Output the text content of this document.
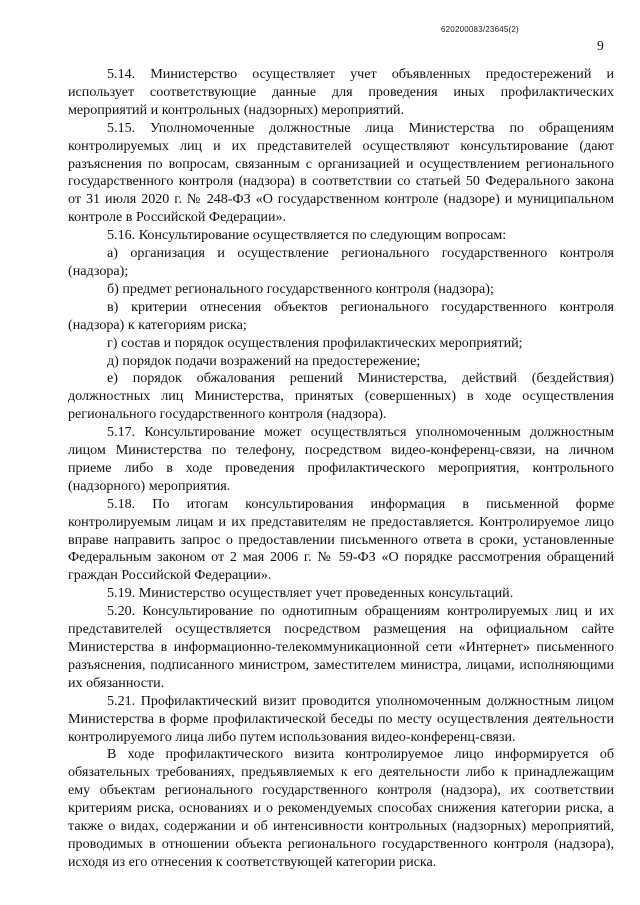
620200083/23645(2)
9

5.14. Министерство осуществляет учет объявленных предостережений и использует соответствующие данные для проведения иных профилактических мероприятий и контрольных (надзорных) мероприятий.

5.15. Уполномоченные должностные лица Министерства по обращениям контролируемых лиц и их представителей осуществляют консультирование (дают разъяснения по вопросам, связанным с организацией и осуществлением регионального государственного контроля (надзора) в соответствии со статьей 50 Федерального закона от 31 июля 2020 г. № 248-ФЗ «О государственном контроле (надзоре) и муниципальном контроле в Российской Федерации».

5.16. Консультирование осуществляется по следующим вопросам:

а) организация и осуществление регионального государственного контроля (надзора);

б) предмет регионального государственного контроля (надзора);

в) критерии отнесения объектов регионального государственного контроля (надзора) к категориям риска;

г) состав и порядок осуществления профилактических мероприятий;

д) порядок подачи возражений на предостережение;

е) порядок обжалования решений Министерства, действий (бездействия) должностных лиц Министерства, принятых (совершенных) в ходе осуществления регионального государственного контроля (надзора).

5.17. Консультирование может осуществляться уполномоченным должностным лицом Министерства по телефону, посредством видео-конференц-связи, на личном приеме либо в ходе проведения профилактического мероприятия, контрольного (надзорного) мероприятия.

5.18. По итогам консультирования информация в письменной форме контролируемым лицам и их представителям не предоставляется. Контролируемое лицо вправе направить запрос о предоставлении письменного ответа в сроки, установленные Федеральным законом от 2 мая 2006 г. № 59-ФЗ «О порядке рассмотрения обращений граждан Российской Федерации».

5.19. Министерство осуществляет учет проведенных консультаций.

5.20. Консультирование по однотипным обращениям контролируемых лиц и их представителей осуществляется посредством размещения на официальном сайте Министерства в информационно-телекоммуникационной сети «Интернет» письменного разъяснения, подписанного министром, заместителем министра, лицами, исполняющими их обязанности.

5.21. Профилактический визит проводится уполномоченным должностным лицом Министерства в форме профилактической беседы по месту осуществления деятельности контролируемого лица либо путем использования видео-конференц-связи.

В ходе профилактического визита контролируемое лицо информируется об обязательных требованиях, предъявляемых к его деятельности либо к принадлежащим ему объектам регионального государственного контроля (надзора), их соответствии критериям риска, основаниях и о рекомендуемых способах снижения категории риска, а также о видах, содержании и об интенсивности контрольных (надзорных) мероприятий, проводимых в отношении объекта регионального государственного контроля (надзора), исходя из его отнесения к соответствующей категории риска.
